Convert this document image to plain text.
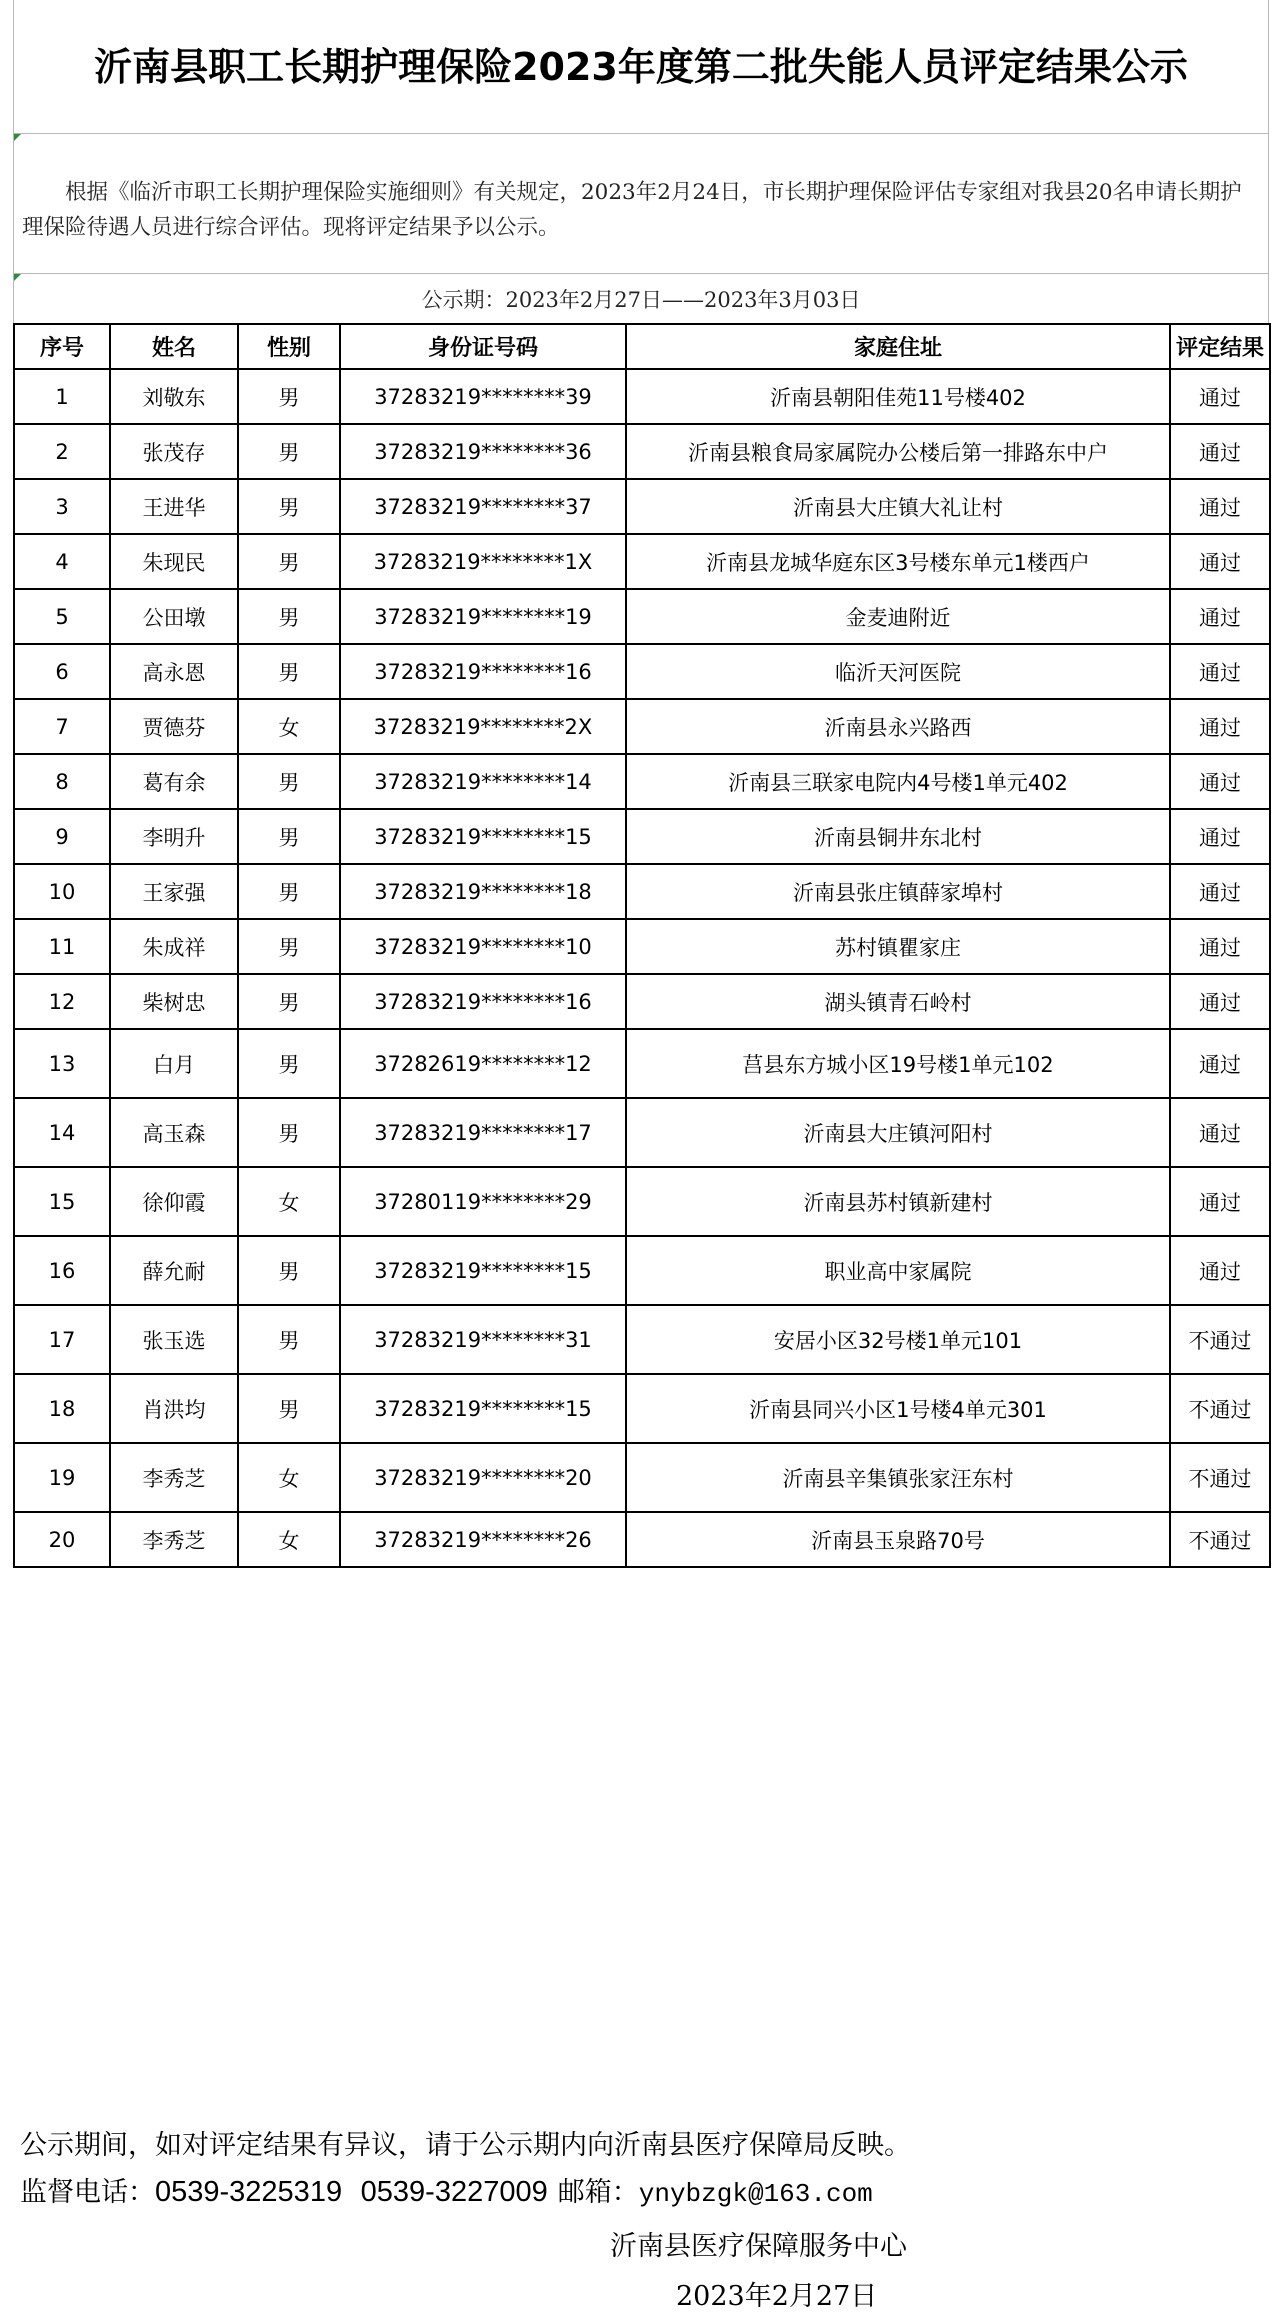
沂南县职工长期护理保险2023年度第二批失能人员评定结果公示

根据《临沂市职工长期护理保险实施细则》有关规定，2023年2月24日，市长期护理保险评估专家组对我县20名申请长期护理保险待遇人员进行综合评估。现将评定结果予以公示。

公示期：2023年2月27日——2023年3月03日
序号	姓名	性别	身份证号码	家庭住址	评定结果
1	刘敬东	男	37283219********39	沂南县朝阳佳苑11号楼402	通过
2	张茂存	男	37283219********36	沂南县粮食局家属院办公楼后第一排路东中户	通过
3	王进华	男	37283219********37	沂南县大庄镇大礼让村	通过
4	朱现民	男	37283219********1X	沂南县龙城华庭东区3号楼东单元1楼西户	通过
5	公田墩	男	37283219********19	金麦迪附近	通过
6	高永恩	男	37283219********16	临沂天河医院	通过
7	贾德芬	女	37283219********2X	沂南县永兴路西	通过
8	葛有余	男	37283219********14	沂南县三联家电院内4号楼1单元402	通过
9	李明升	男	37283219********15	沂南县铜井东北村	通过
10	王家强	男	37283219********18	沂南县张庄镇薛家埠村	通过
11	朱成祥	男	37283219********10	苏村镇瞿家庄	通过
12	柴树忠	男	37283219********16	湖头镇青石岭村	通过
13	白月	男	37282619********12	莒县东方城小区19号楼1单元102	通过
14	高玉森	男	37283219********17	沂南县大庄镇河阳村	通过
15	徐仰霞	女	37280119********29	沂南县苏村镇新建村	通过
16	薛允耐	男	37283219********15	职业高中家属院	通过
17	张玉选	男	37283219********31	安居小区32号楼1单元101	不通过
18	肖洪均	男	37283219********15	沂南县同兴小区1号楼4单元301	不通过
19	李秀芝	女	37283219********20	沂南县辛集镇张家汪东村	不通过
20	李秀芝	女	37283219********26	沂南县玉泉路70号	不通过
公示期间，如对评定结果有异议，请于公示期内向沂南县医疗保障局反映。
监督电话：0539-3225319 0539-3227009 邮箱：ynybzgk@163.com
沂南县医疗保障服务中心
2023年2月27日
